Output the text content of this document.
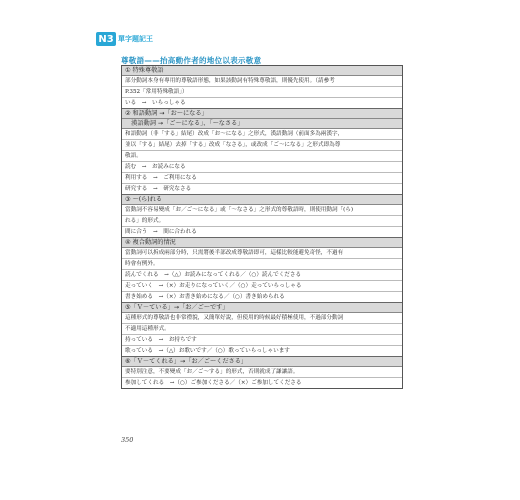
N3 單字題記王
尊敬語——抬高動作者的地位以表示敬意
① 特殊尊敬語
部分動詞本身有專用的尊敬語形態，如果該動詞有特殊尊敬語，則優先使用。（請參考
P.352「常用特殊敬語」）
いる　→　いらっしゃる
② 和語動詞 →「お～になる」
　漢語動詞 →「ご～になる」、「～なさる」
和語動詞（非「する」結尾）改成「お～になる」之形式，漢語動詞（前面多為兩漢字，
並以「する」結尾）去掉「する」改成「なさる」，或改成「ご～になる」之形式即為尊
敬語。
読む　→　お読みになる
利用する　→　ご利用になる
研究する　→　研究なさる
③ ～(ら)れる
當動詞不容易變成「お／ご～になる」或「～なさる」之形式的尊敬語時，則使用動詞「(ら)
れる」的形式。
間に合う　→　間に合われる
④ 複合動詞的情況
當動詞可以拆成兩部分時，只需將後半部改成尊敬語即可，這樣比較能避免奇怪，不過有
時會有例外。
読んでくれる　→（△）お読みになってくれる／（○）読んでくださる
走っていく　→（×）お走りになっていく／（○）走っていらっしゃる
書き始める　→（×）お書き始めになる／（○）書き始められる
⑤「Ｖ－ている」→「お／ご～です」
這種形式的尊敬語也非常禮貌，又簡單好說，但使用的時候最好積極使用，不過部分動詞
不適用這種形式。
持っている　→　お持ちです
歌っている　→（△）お歌いです／（○）歌っていらっしゃいます
⑥「Ｖ－てくれる」→「お／ご～くださる」
要特別注意，不要變成「お／ご～する」的形式，否則就成了謙讓語。
参加してくれる　→（○）ご参加くださる／（×）ご参加してくださる
350
